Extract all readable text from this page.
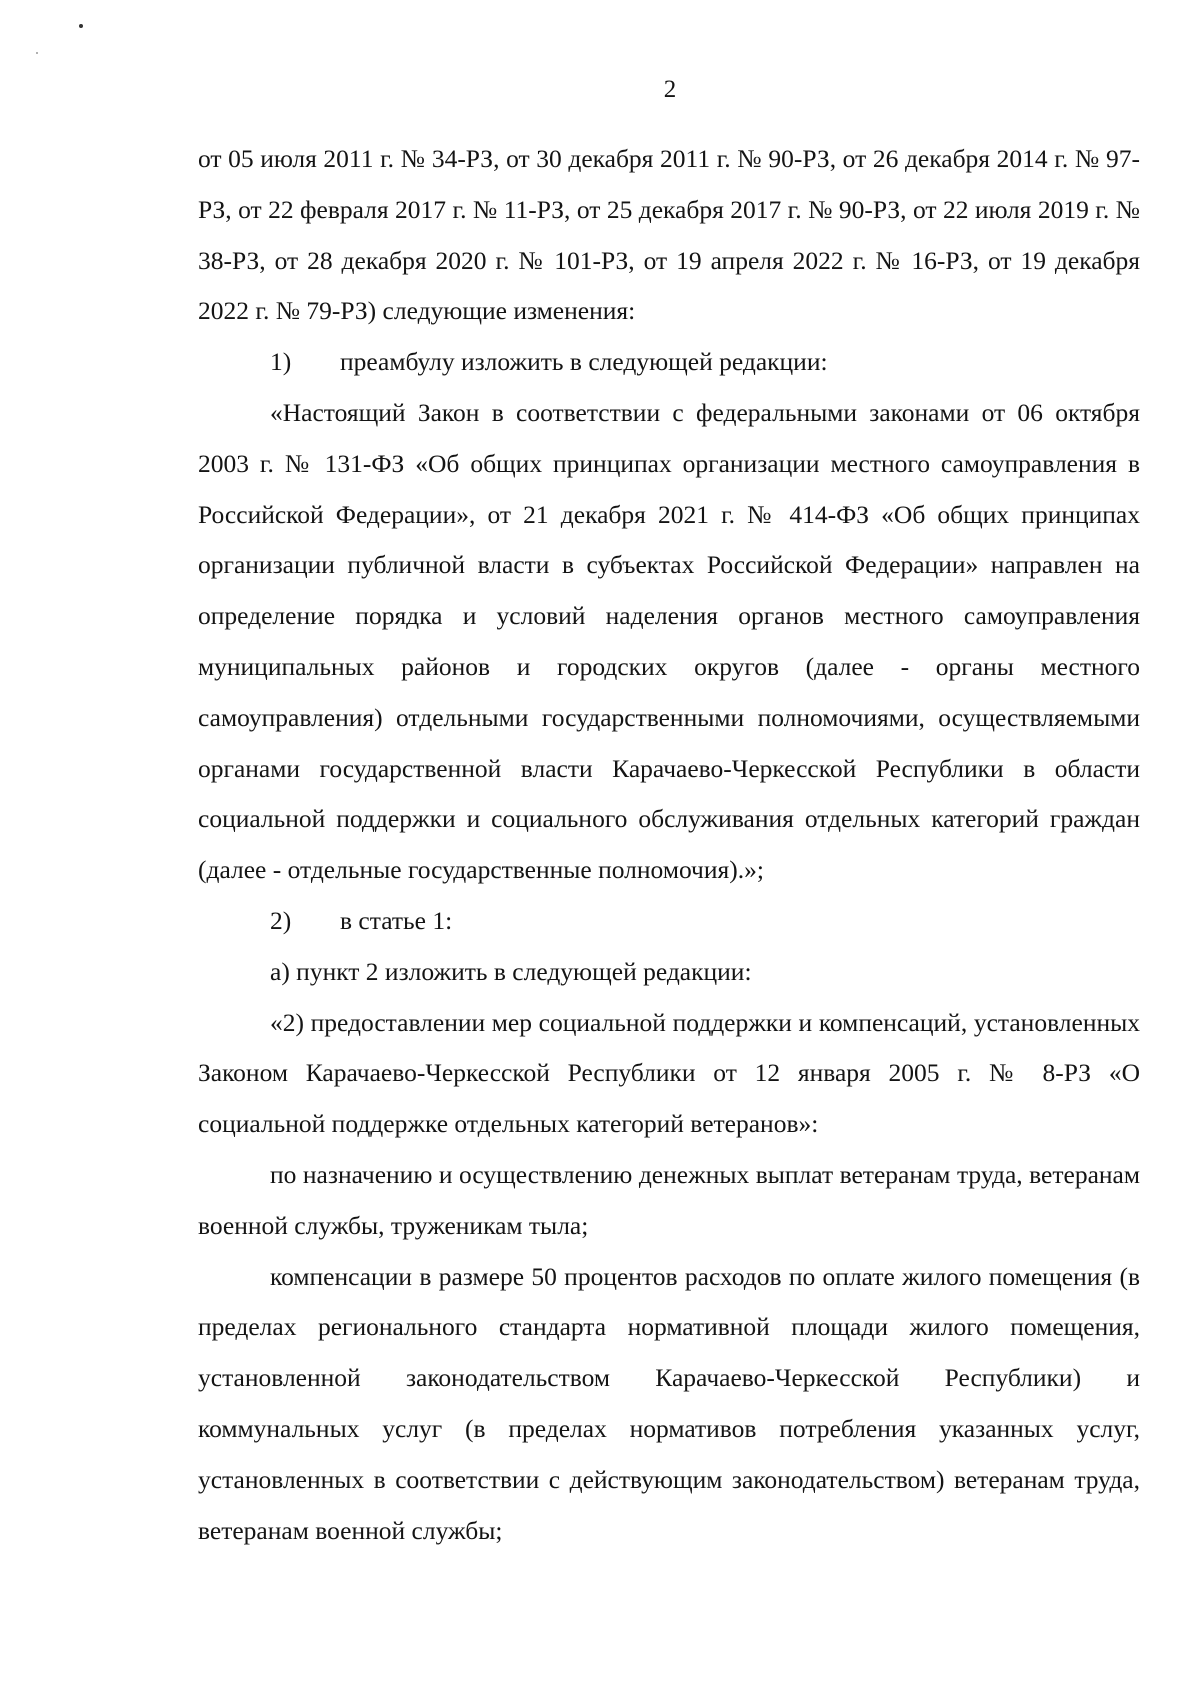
2

от 05 июля 2011 г. № 34-РЗ, от 30 декабря 2011 г. № 90-РЗ, от 26 декабря 2014 г. № 97-РЗ, от 22 февраля 2017 г. № 11-РЗ, от 25 декабря 2017 г. № 90-РЗ, от 22 июля 2019 г. № 38-РЗ, от 28 декабря 2020 г. № 101-РЗ, от 19 апреля 2022 г. № 16-РЗ, от 19 декабря 2022 г. № 79-РЗ) следующие изменения:

1) преамбулу изложить в следующей редакции:

«Настоящий Закон в соответствии с федеральными законами от 06 октября 2003 г. № 131-ФЗ «Об общих принципах организации местного самоуправления в Российской Федерации», от 21 декабря 2021 г. № 414-ФЗ «Об общих принципах организации публичной власти в субъектах Российской Федерации» направлен на определение порядка и условий наделения органов местного самоуправления муниципальных районов и городских округов (далее - органы местного самоуправления) отдельными государственными полномочиями, осуществляемыми органами государственной власти Карачаево-Черкесской Республики в области социальной поддержки и социального обслуживания отдельных категорий граждан (далее - отдельные государственные полномочия).»;

2) в статье 1:

а) пункт 2 изложить в следующей редакции:

«2) предоставлении мер социальной поддержки и компенсаций, установленных Законом Карачаево-Черкесской Республики от 12 января 2005 г. № 8-РЗ «О социальной поддержке отдельных категорий ветеранов»:

по назначению и осуществлению денежных выплат ветеранам труда, ветеранам военной службы, труженикам тыла;

компенсации в размере 50 процентов расходов по оплате жилого помещения (в пределах регионального стандарта нормативной площади жилого помещения, установленной законодательством Карачаево-Черкесской Республики) и коммунальных услуг (в пределах нормативов потребления указанных услуг, установленных в соответствии с действующим законодательством) ветеранам труда, ветеранам военной службы;
